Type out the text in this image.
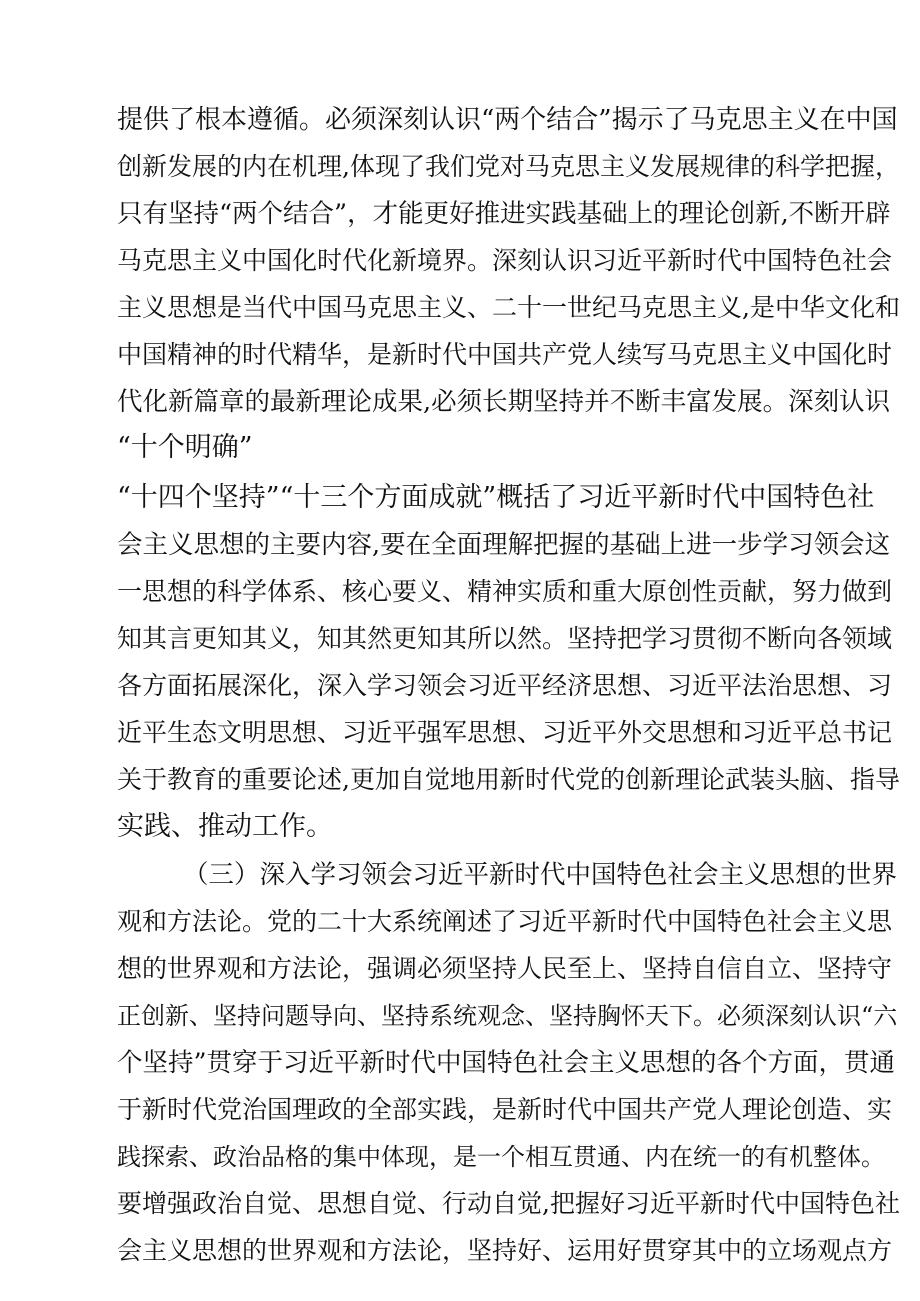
提供了根本遵循。必须深刻认识“两个结合”揭示了马克思主义在中国
创新发展的内在机理,体现了我们党对马克思主义发展规律的科学把握，
只有坚持“两个结合”，才能更好推进实践基础上的理论创新,不断开辟
马克思主义中国化时代化新境界。深刻认识习近平新时代中国特色社会
主义思想是当代中国马克思主义、二十一世纪马克思主义,是中华文化和
中国精神的时代精华，是新时代中国共产党人续写马克思主义中国化时
代化新篇章的最新理论成果,必须长期坚持并不断丰富发展。深刻认识
“十个明确”
“十四个坚持”“十三个方面成就”概括了习近平新时代中国特色社
会主义思想的主要内容,要在全面理解把握的基础上进一步学习领会这
一思想的科学体系、核心要义、精神实质和重大原创性贡献，努力做到
知其言更知其义，知其然更知其所以然。坚持把学习贯彻不断向各领域
各方面拓展深化，深入学习领会习近平经济思想、习近平法治思想、习
近平生态文明思想、习近平强军思想、习近平外交思想和习近平总书记
关于教育的重要论述,更加自觉地用新时代党的创新理论武装头脑、指导
实践、推动工作。
（三）深入学习领会习近平新时代中国特色社会主义思想的世界
观和方法论。党的二十大系统阐述了习近平新时代中国特色社会主义思
想的世界观和方法论，强调必须坚持人民至上、坚持自信自立、坚持守
正创新、坚持问题导向、坚持系统观念、坚持胸怀天下。必须深刻认识“六
个坚持”贯穿于习近平新时代中国特色社会主义思想的各个方面，贯通
于新时代党治国理政的全部实践，是新时代中国共产党人理论创造、实
践探索、政治品格的集中体现，是一个相互贯通、内在统一的有机整体。
要增强政治自觉、思想自觉、行动自觉,把握好习近平新时代中国特色社
会主义思想的世界观和方法论，坚持好、运用好贯穿其中的立场观点方
